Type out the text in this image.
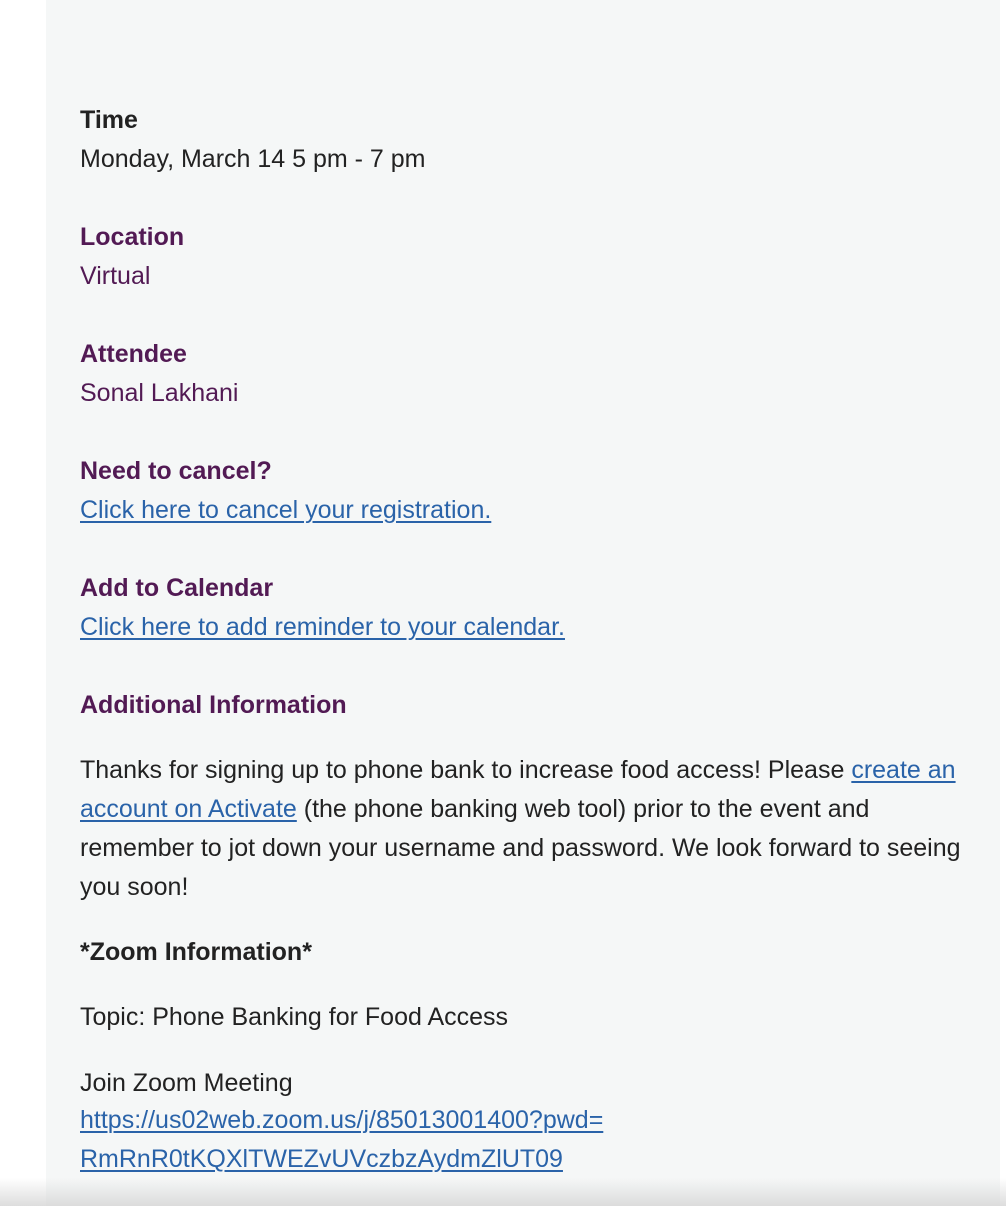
Time

Monday, March 14 5 pm - 7 pm

Location

Virtual

Attendee

Sonal Lakhani

Need to cancel?

Click here to cancel your registration.

Add to Calendar

Click here to add reminder to your calendar.

Additional Information

Thanks for signing up to phone bank to increase food access! Please create an account on Activate (the phone banking web tool) prior to the event and remember to jot down your username and password. We look forward to seeing you soon!

*Zoom Information*

Topic: Phone Banking for Food Access

Join Zoom Meeting

https://us02web.zoom.us/j/85013001400?pwd=
RmRnR0tKQXlTWEZvUVczbzAydmZlUT09
